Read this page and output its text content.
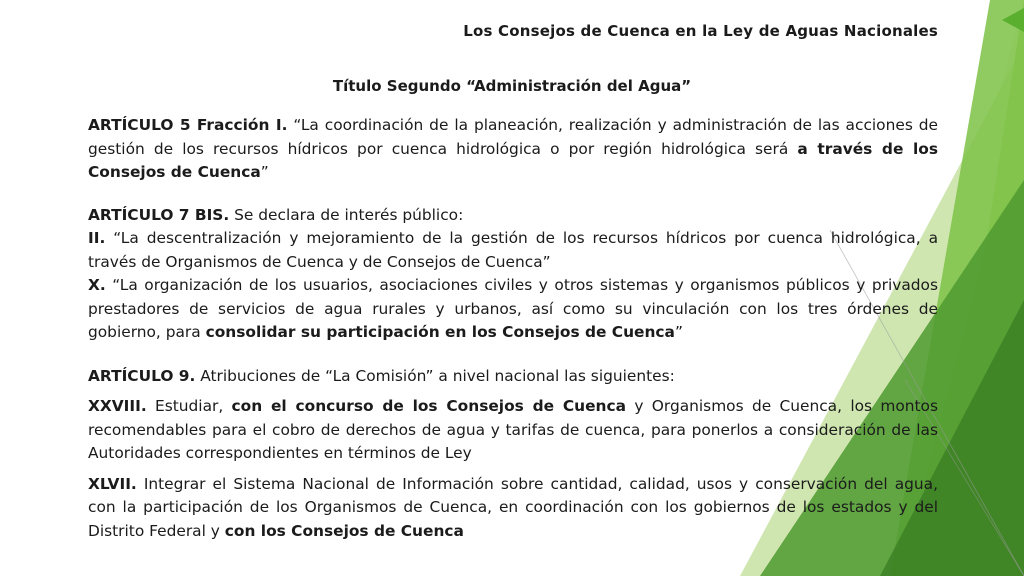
Los Consejos de Cuenca en la Ley de Aguas Nacionales
Título Segundo “Administración del Agua”

ARTÍCULO 5 Fracción I. “La coordinación de la planeación, realización y administración de las acciones de gestión de los recursos hídricos por cuenca hidrológica o por región hidrológica será a través de los Consejos de Cuenca”

ARTÍCULO 7 BIS. Se declara de interés público:

II. “La descentralización y mejoramiento de la gestión de los recursos hídricos por cuenca hidrológica, a través de Organismos de Cuenca y de Consejos de Cuenca”

X. “La organización de los usuarios, asociaciones civiles y otros sistemas y organismos públicos y privados prestadores de servicios de agua rurales y urbanos, así como su vinculación con los tres órdenes de gobierno, para consolidar su participación en los Consejos de Cuenca”

ARTÍCULO 9. Atribuciones de “La Comisión” a nivel nacional las siguientes:

XXVIII. Estudiar, con el concurso de los Consejos de Cuenca y Organismos de Cuenca, los montos recomendables para el cobro de derechos de agua y tarifas de cuenca, para ponerlos a consideración de las Autoridades correspondientes en términos de Ley

XLVII. Integrar el Sistema Nacional de Información sobre cantidad, calidad, usos y conservación del agua, con la participación de los Organismos de Cuenca, en coordinación con los gobiernos de los estados y del Distrito Federal y con los Consejos de Cuenca
